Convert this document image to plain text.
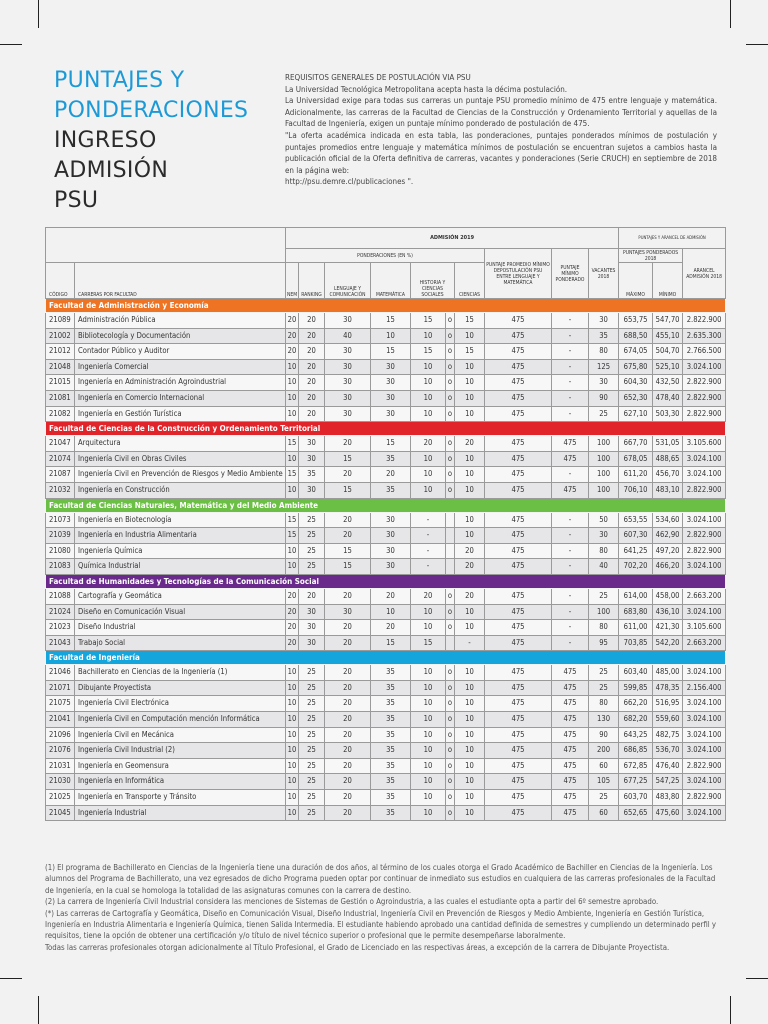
PUNTAJES Y
PONDERACIONES
INGRESO
ADMISIÓN
PSU

REQUISITOS GENERALES DE POSTULACIÓN VIA PSU

La Universidad Tecnológica Metropolitana acepta hasta la décima postulación.

La Universidad exige para todas sus carreras un puntaje PSU promedio mínimo de 475 entre lenguaje y matemática. Adicionalmente, las carreras de la Facultad de Ciencias de la Construcción y Ordenamiento Territorial y aquellas de la Facultad de Ingeniería, exigen un puntaje mínimo ponderado de postulación de 475.

"La oferta académica indicada en esta tabla, las ponderaciones, puntajes ponderados mínimos de postulación y puntajes promedios entre lenguaje y matemática mínimos de postulación se encuentran sujetos a cambios hasta la publicación oficial de la Oferta definitiva de carreras, vacantes y ponderaciones (Serie CRUCH) en septiembre de 2018 en la página web:

http://psu.demre.cl/publicaciones ".

		ADMISIÓN 2019										PUNTAJES Y ARANCEL DE ADMISIÓN		
		PONDERACIONES (EN %)							PUNTAJE PROMEDIO MÍNIMO DEPOSTULACIÓN PSU ENTRE LENGUAJE Y MATEMÁTICA	PUNTAJE MÍNIMO PONDERADO	VACANTES 2018	PUNTAJES PONDERADOS 2018		ARANCEL ADMISIÓN 2018
CÓDIGO	CARRERAS POR FACULTAD	NEM	RANKING	LENGUAJE Y COMUNICACIÓN	MATEMÁTICA	HISTORIA Y CIENCIAS SOCIALES		CIENCIAS				MÁXIMO	MÍNIMO	
Facultad de Administración y Economía														
21089	Administración Pública	20	20	30	15	15	o	15	475	-	30	653,75	547,70	2.822.900
21002	Bibliotecología y Documentación	20	20	40	10	10	o	10	475	-	35	688,50	455,10	2.635.300
21012	Contador Público y Auditor	20	20	30	15	15	o	15	475	-	80	674,05	504,70	2.766.500
21048	Ingeniería Comercial	10	20	30	30	10	o	10	475	-	125	675,80	525,10	3.024.100
21015	Ingeniería en Administración Agroindustrial	10	20	30	30	10	o	10	475	-	30	604,30	432,50	2.822.900
21081	Ingeniería en Comercio Internacional	10	20	30	30	10	o	10	475	-	90	652,30	478,40	2.822.900
21082	Ingeniería en Gestión Turística	10	20	30	30	10	o	10	475	-	25	627,10	503,30	2.822.900
Facultad de Ciencias de la Construcción y Ordenamiento Territorial														
21047	Arquitectura	15	30	20	15	20	o	20	475	475	100	667,70	531,05	3.105.600
21074	Ingeniería Civil en Obras Civiles	10	30	15	35	10	o	10	475	475	100	678,05	488,65	3.024.100
21087	Ingeniería Civil en Prevención de Riesgos y Medio Ambiente	15	35	20	20	10	o	10	475	-	100	611,20	456,70	3.024.100
21032	Ingeniería en Construcción	10	30	15	35	10	o	10	475	475	100	706,10	483,10	2.822.900
Facultad de Ciencias Naturales, Matemática y del Medio Ambiente														
21073	Ingeniería en Biotecnología	15	25	20	30	-		10	475	-	50	653,55	534,60	3.024.100
21039	Ingeniería en Industria Alimentaria	15	25	20	30	-		10	475	-	30	607,30	462,90	2.822.900
21080	Ingeniería Química	10	25	15	30	-		20	475	-	80	641,25	497,20	2.822.900
21083	Química Industrial	10	25	15	30	-		20	475	-	40	702,20	466,20	3.024.100
Facultad de Humanidades y Tecnologías de la Comunicación Social														
21088	Cartografía y Geomática	20	20	20	20	20	o	20	475	-	25	614,00	458,00	2.663.200
21024	Diseño en Comunicación Visual	20	30	30	10	10	o	10	475	-	100	683,80	436,10	3.024.100
21023	Diseño Industrial	20	30	20	20	10	o	10	475	-	80	611,00	421,30	3.105.600
21043	Trabajo Social	20	30	20	15	15		-	475	-	95	703,85	542,20	2.663.200
Facultad de Ingeniería														
21046	Bachillerato en Ciencias de la Ingeniería (1)	10	25	20	35	10	o	10	475	475	25	603,40	485,00	3.024.100
21071	Dibujante Proyectista	10	25	20	35	10	o	10	475	475	25	599,85	478,35	2.156.400
21075	Ingeniería Civil Electrónica	10	25	20	35	10	o	10	475	475	80	662,20	516,95	3.024.100
21041	Ingeniería Civil en Computación mención Informática	10	25	20	35	10	o	10	475	475	130	682,20	559,60	3.024.100
21096	Ingeniería Civil en Mecánica	10	25	20	35	10	o	10	475	475	90	643,25	482,75	3.024.100
21076	Ingeniería Civil Industrial (2)	10	25	20	35	10	o	10	475	475	200	686,85	536,70	3.024.100
21031	Ingeniería en Geomensura	10	25	20	35	10	o	10	475	475	60	672,85	476,40	2.822.900
21030	Ingeniería en Informática	10	25	20	35	10	o	10	475	475	105	677,25	547,25	3.024.100
21025	Ingeniería en Transporte y Tránsito	10	25	20	35	10	o	10	475	475	25	603,70	483,80	2.822.900
21045	Ingeniería Industrial	10	25	20	35	10	o	10	475	475	60	652,65	475,60	3.024.100

(1) El programa de Bachillerato en Ciencias de la Ingeniería tiene una duración de dos años, al término de los cuales otorga el Grado Académico de Bachiller en Ciencias de la Ingeniería. Los alumnos del Programa de Bachillerato, una vez egresados de dicho Programa pueden optar por continuar de inmediato sus estudios en cualquiera de las carreras profesionales de la Facultad de Ingeniería, en la cual se homologa la totalidad de las asignaturas comunes con la carrera de destino.

(2) La carrera de Ingeniería Civil Industrial considera las menciones de Sistemas de Gestión o Agroindustria, a las cuales el estudiante opta a partir del 6º semestre aprobado.

(*) Las carreras de Cartografía y Geomática, Diseño en Comunicación Visual, Diseño Industrial, Ingeniería Civil en Prevención de Riesgos y Medio Ambiente, Ingeniería en Gestión Turística, Ingeniería en Industria Alimentaria e Ingeniería Química, tienen Salida Intermedia. El estudiante habiendo aprobado una cantidad definida de semestres y cumpliendo un determinado perfil y requisitos, tiene la opción de obtener una certificación y/o título de nivel técnico superior o profesional que le permite desempeñarse laboralmente.

Todas las carreras profesionales otorgan adicionalmente al Título Profesional, el Grado de Licenciado en las respectivas áreas, a excepción de la carrera de Dibujante Proyectista.
